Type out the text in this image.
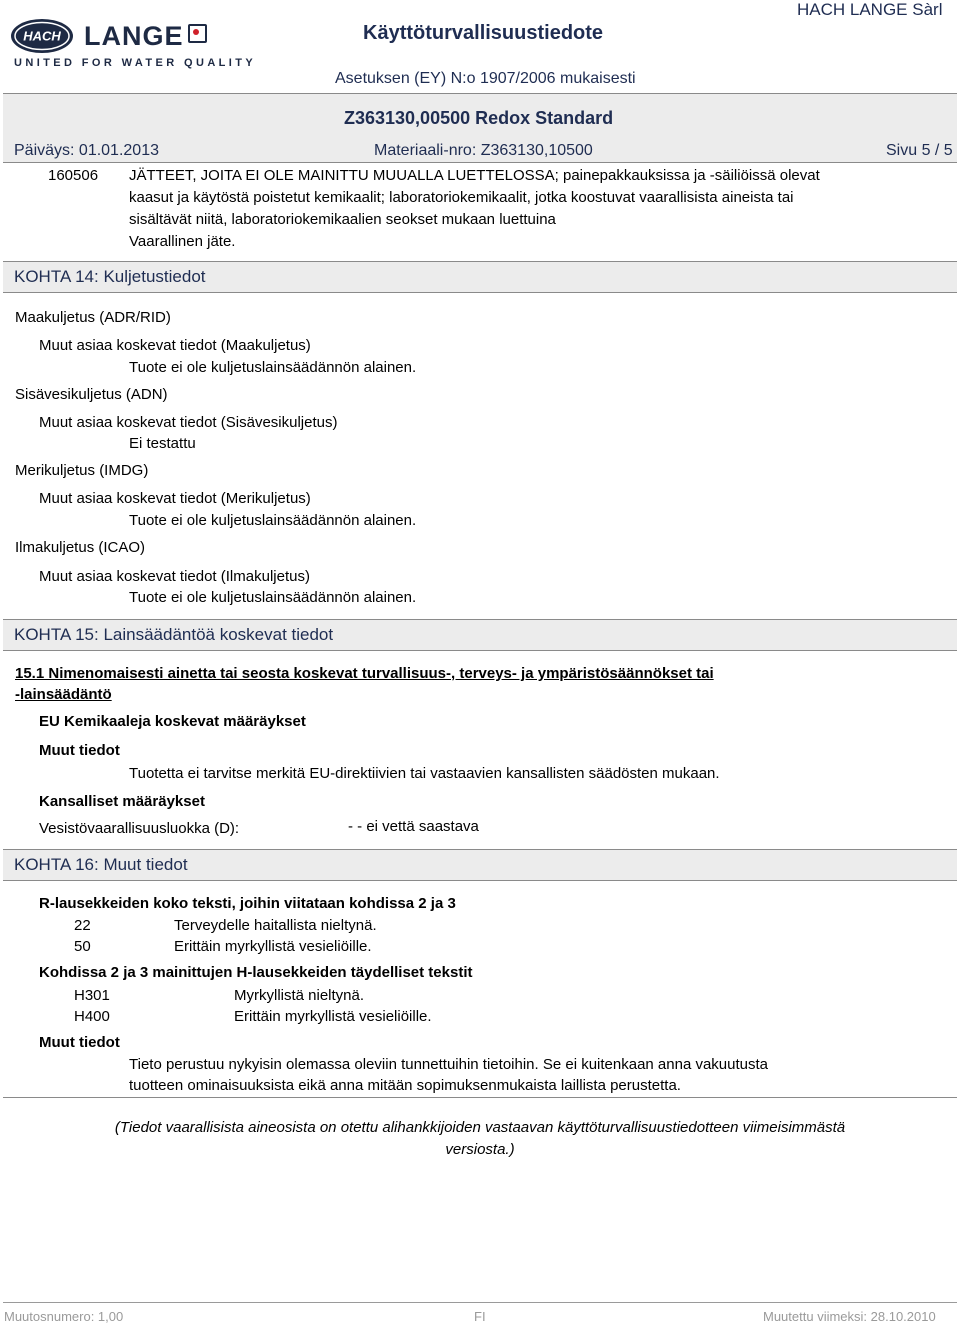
HACH LANGE
UNITED FOR WATER QUALITY
Käyttöturvallisuustiedote
HACH LANGE Sàrl
Asetuksen (EY) N:o 1907/2006 mukaisesti
Z363130,00500 Redox Standard
Päiväys: 01.01.2013	Materiaali-nro: Z363130,10500	Sivu 5 / 5
160506 JÄTTEET, JOITA EI OLE MAINITTU MUUALLA LUETTELOSSA; painepakkauksissa ja -säiliöissä olevat
kaasut ja käytöstä poistetut kemikaalit; laboratoriokemikaalit, jotka koostuvat vaarallisista aineista tai
sisältävät niitä, laboratoriokemikaalien seokset mukaan luettuina
Vaarallinen jäte.
KOHTA 14: Kuljetustiedot
Maakuljetus (ADR/RID)
Muut asiaa koskevat tiedot (Maakuljetus)
Tuote ei ole kuljetuslainsäädännön alainen.
Sisävesikuljetus (ADN)
Muut asiaa koskevat tiedot (Sisävesikuljetus)
Ei testattu
Merikuljetus (IMDG)
Muut asiaa koskevat tiedot (Merikuljetus)
Tuote ei ole kuljetuslainsäädännön alainen.
Ilmakuljetus (ICAO)
Muut asiaa koskevat tiedot (Ilmakuljetus)
Tuote ei ole kuljetuslainsäädännön alainen.
KOHTA 15: Lainsäädäntöä koskevat tiedot
15.1 Nimenomaisesti ainetta tai seosta koskevat turvallisuus-, terveys- ja ympäristösäännökset tai
-lainsäädäntö
EU Kemikaaleja koskevat määräykset
Muut tiedot
Tuotetta ei tarvitse merkitä EU-direktiivien tai vastaavien kansallisten säädösten mukaan.
Kansalliset määräykset
Vesistövaarallisuusluokka (D):	- - ei vettä saastava
KOHTA 16: Muut tiedot
R-lausekkeiden koko teksti, joihin viitataan kohdissa 2 ja 3
22	Terveydelle haitallista nieltynä.
50	Erittäin myrkyllistä vesieliöille.
Kohdissa 2 ja 3 mainittujen H-lausekkeiden täydelliset tekstit
H301	Myrkyllistä nieltynä.
H400	Erittäin myrkyllistä vesieliöille.
Muut tiedot
Tieto perustuu nykyisin olemassa oleviin tunnettuihin tietoihin. Se ei kuitenkaan anna vakuutusta
tuotteen ominaisuuksista eikä anna mitään sopimuksenmukaista laillista perustetta.
(Tiedot vaarallisista aineosista on otettu alihankkijoiden vastaavan käyttöturvallisuustiedotteen viimeisimmästä
versiosta.)
Muutosnumero: 1,00	FI	Muutettu viimeksi: 28.10.2010
